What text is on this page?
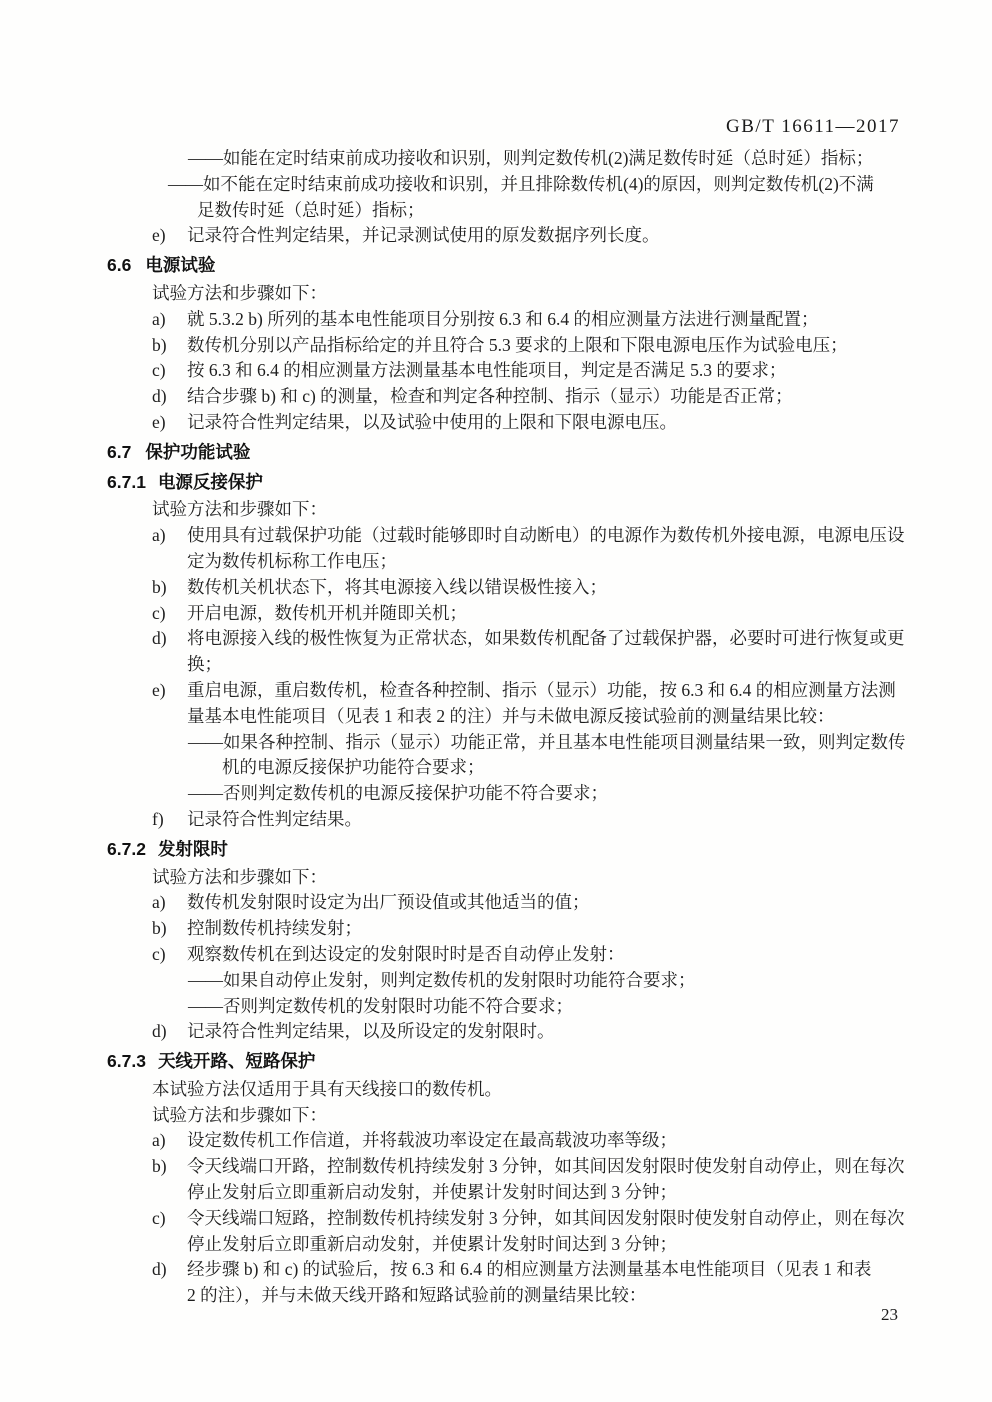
GB/T 16611—2017
——如能在定时结束前成功接收和识别，则判定数传机(2)满足数传时延（总时延）指标；
——如不能在定时结束前成功接收和识别，并且排除数传机(4)的原因，则判定数传机(2)不满
足数传时延（总时延）指标；
e) 记录符合性判定结果，并记录测试使用的原发数据序列长度。
6.6 电源试验
试验方法和步骤如下：
a) 就 5.3.2 b) 所列的基本电性能项目分别按 6.3 和 6.4 的相应测量方法进行测量配置；
b) 数传机分别以产品指标给定的并且符合 5.3 要求的上限和下限电源电压作为试验电压；
c) 按 6.3 和 6.4 的相应测量方法测量基本电性能项目，判定是否满足 5.3 的要求；
d) 结合步骤 b) 和 c) 的测量，检查和判定各种控制、指示（显示）功能是否正常；
e) 记录符合性判定结果，以及试验中使用的上限和下限电源电压。
6.7 保护功能试验
6.7.1 电源反接保护
试验方法和步骤如下：
a) 使用具有过载保护功能（过载时能够即时自动断电）的电源作为数传机外接电源，电源电压设
定为数传机标称工作电压；
b) 数传机关机状态下，将其电源接入线以错误极性接入；
c) 开启电源，数传机开机并随即关机；
d) 将电源接入线的极性恢复为正常状态，如果数传机配备了过载保护器，必要时可进行恢复或更
换；
e) 重启电源，重启数传机，检查各种控制、指示（显示）功能，按 6.3 和 6.4 的相应测量方法测
量基本电性能项目（见表 1 和表 2 的注）并与未做电源反接试验前的测量结果比较：
——如果各种控制、指示（显示）功能正常，并且基本电性能项目测量结果一致，则判定数传
机的电源反接保护功能符合要求；
——否则判定数传机的电源反接保护功能不符合要求；
f) 记录符合性判定结果。
6.7.2 发射限时
试验方法和步骤如下：
a) 数传机发射限时设定为出厂预设值或其他适当的值；
b) 控制数传机持续发射；
c) 观察数传机在到达设定的发射限时时是否自动停止发射：
——如果自动停止发射，则判定数传机的发射限时功能符合要求；
——否则判定数传机的发射限时功能不符合要求；
d) 记录符合性判定结果，以及所设定的发射限时。
6.7.3 天线开路、短路保护
本试验方法仅适用于具有天线接口的数传机。
试验方法和步骤如下：
a) 设定数传机工作信道，并将载波功率设定在最高载波功率等级；
b) 令天线端口开路，控制数传机持续发射 3 分钟，如其间因发射限时使发射自动停止，则在每次
停止发射后立即重新启动发射，并使累计发射时间达到 3 分钟；
c) 令天线端口短路，控制数传机持续发射 3 分钟，如其间因发射限时使发射自动停止，则在每次
停止发射后立即重新启动发射，并使累计发射时间达到 3 分钟；
d) 经步骤 b) 和 c) 的试验后，按 6.3 和 6.4 的相应测量方法测量基本电性能项目（见表 1 和表
2 的注），并与未做天线开路和短路试验前的测量结果比较：
23
